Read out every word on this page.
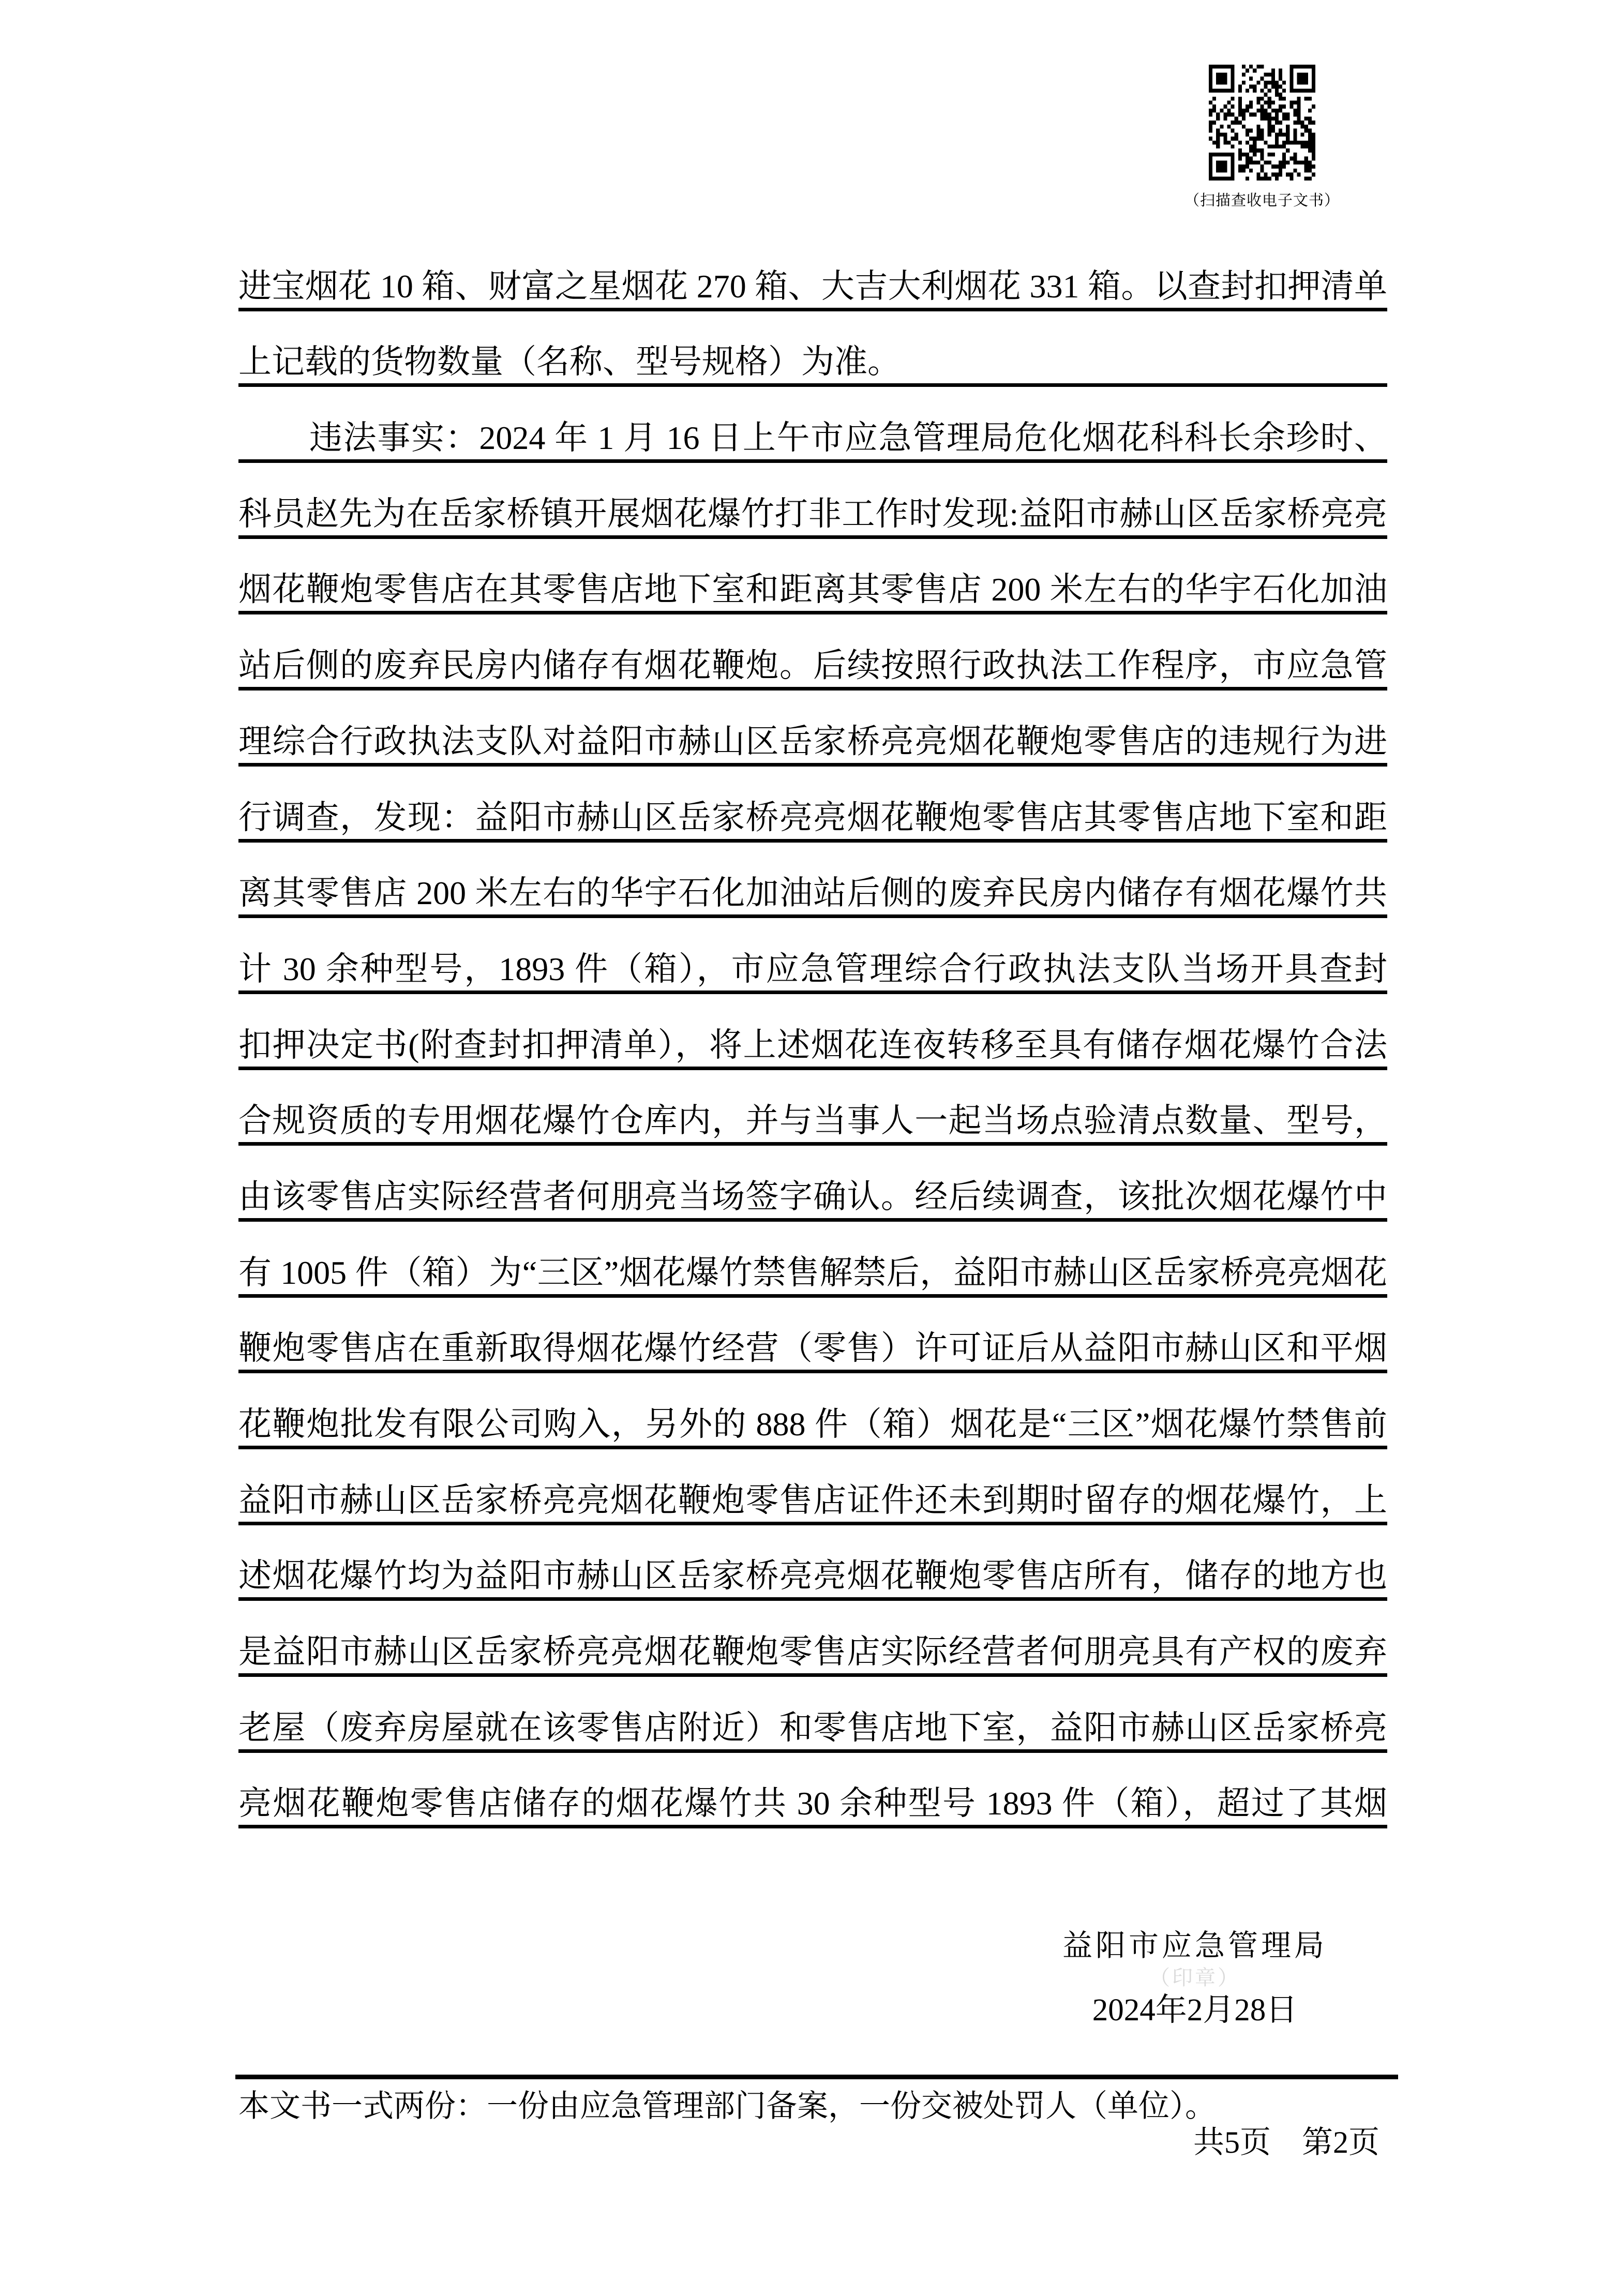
（扫描查收电子文书）
进宝烟花 10 箱、财富之星烟花 270 箱、大吉大利烟花 331 箱。以查封扣押清单
上记载的货物数量（名称、型号规格）为准。
违法事实：2024 年 1 月 16 日上午市应急管理局危化烟花科科长余珍时、
科员赵先为在岳家桥镇开展烟花爆竹打非工作时发现:益阳市赫山区岳家桥亮亮
烟花鞭炮零售店在其零售店地下室和距离其零售店 200 米左右的华宇石化加油
站后侧的废弃民房内储存有烟花鞭炮。后续按照行政执法工作程序，市应急管
理综合行政执法支队对益阳市赫山区岳家桥亮亮烟花鞭炮零售店的违规行为进
行调查，发现：益阳市赫山区岳家桥亮亮烟花鞭炮零售店其零售店地下室和距
离其零售店 200 米左右的华宇石化加油站后侧的废弃民房内储存有烟花爆竹共
计 30 余种型号，1893 件（箱），市应急管理综合行政执法支队当场开具查封
扣押决定书(附查封扣押清单），将上述烟花连夜转移至具有储存烟花爆竹合法
合规资质的专用烟花爆竹仓库内，并与当事人一起当场点验清点数量、型号，
由该零售店实际经营者何朋亮当场签字确认。经后续调查，该批次烟花爆竹中
有 1005 件（箱）为“三区”烟花爆竹禁售解禁后，益阳市赫山区岳家桥亮亮烟花
鞭炮零售店在重新取得烟花爆竹经营（零售）许可证后从益阳市赫山区和平烟
花鞭炮批发有限公司购入，另外的 888 件（箱）烟花是“三区”烟花爆竹禁售前
益阳市赫山区岳家桥亮亮烟花鞭炮零售店证件还未到期时留存的烟花爆竹，上
述烟花爆竹均为益阳市赫山区岳家桥亮亮烟花鞭炮零售店所有，储存的地方也
是益阳市赫山区岳家桥亮亮烟花鞭炮零售店实际经营者何朋亮具有产权的废弃
老屋（废弃房屋就在该零售店附近）和零售店地下室，益阳市赫山区岳家桥亮
亮烟花鞭炮零售店储存的烟花爆竹共 30 余种型号 1893 件（箱），超过了其烟
益阳市应急管理局
（印章）
2024年2月28日
本文书一式两份：一份由应急管理部门备案，一份交被处罚人（单位）。
共5页　第2页
